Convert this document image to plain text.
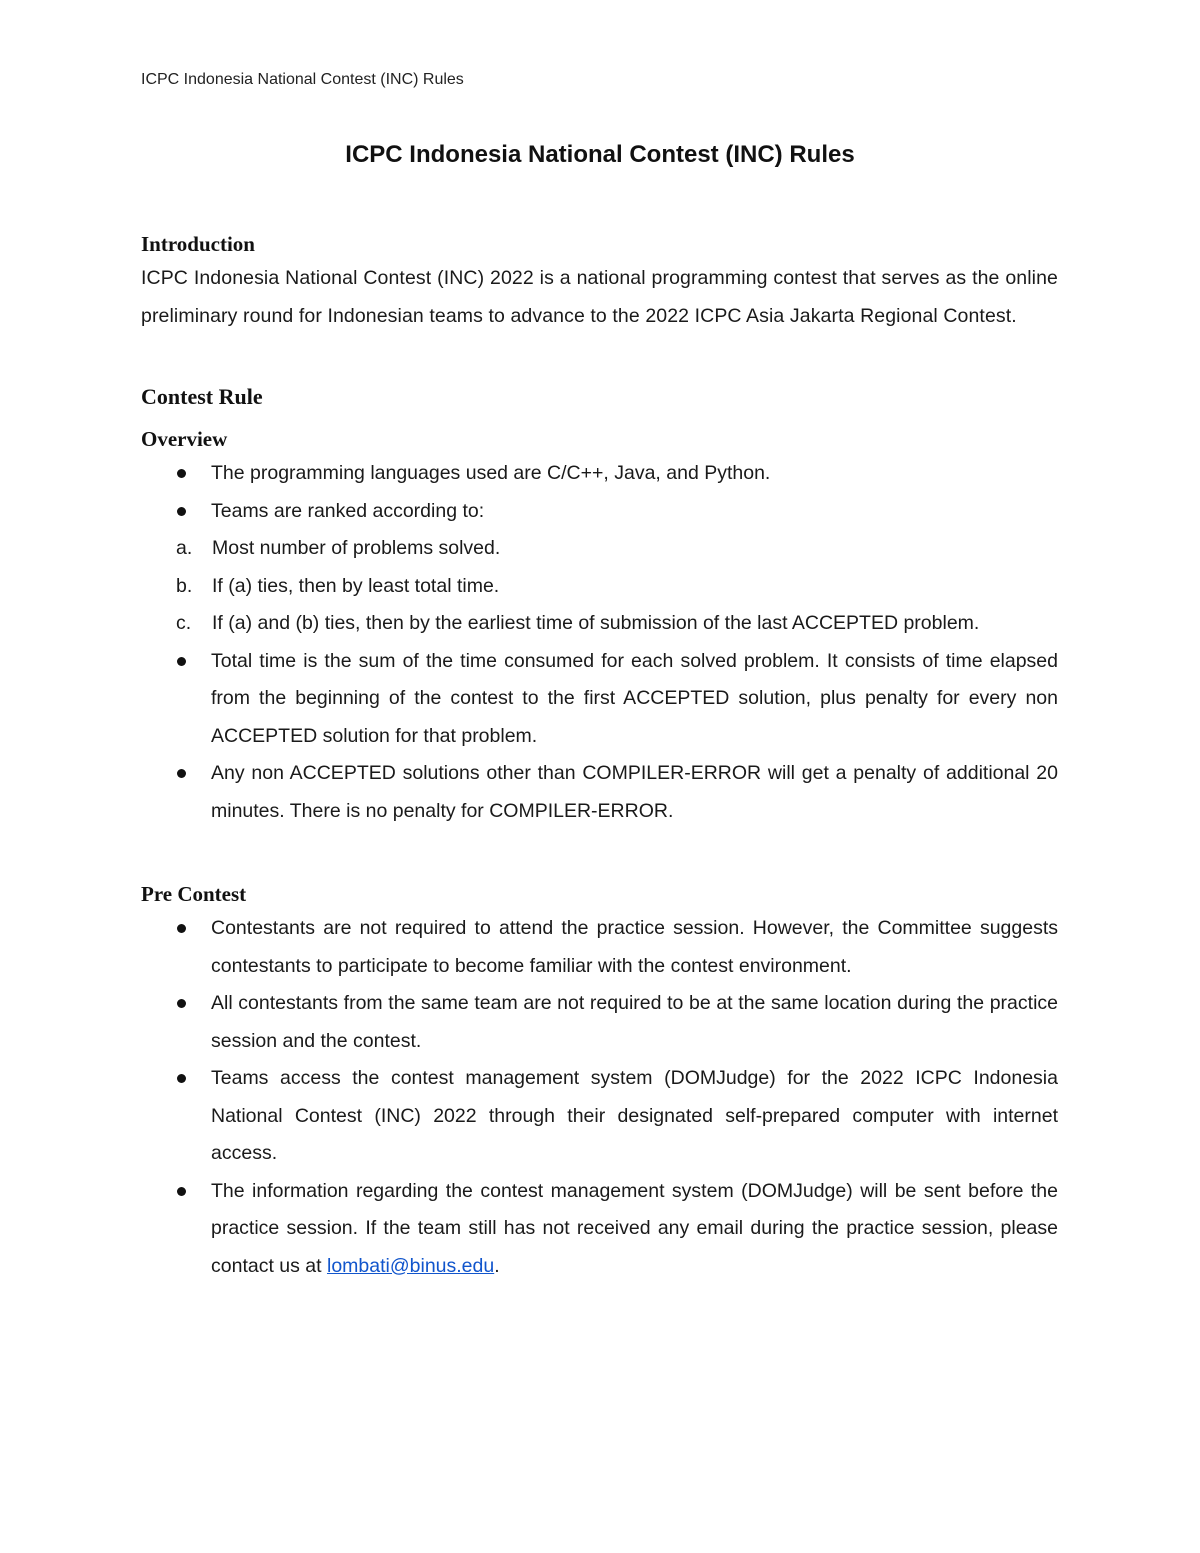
ICPC Indonesia National Contest (INC) Rules
ICPC Indonesia National Contest (INC) Rules
Introduction

ICPC Indonesia National Contest (INC) 2022 is a national programming contest that serves as the online preliminary round for Indonesian teams to advance to the 2022 ICPC Asia Jakarta Regional Contest.

Contest Rule
Overview
The programming languages used are C/C++, Java, and Python.
Teams are ranked according to:
a. Most number of problems solved.
b. If (a) ties, then by least total time.
c. If (a) and (b) ties, then by the earliest time of submission of the last ACCEPTED problem.
Total time is the sum of the time consumed for each solved problem. It consists of time elapsed from the beginning of the contest to the first ACCEPTED solution, plus penalty for every non ACCEPTED solution for that problem.
Any non ACCEPTED solutions other than COMPILER-ERROR will get a penalty of additional 20 minutes. There is no penalty for COMPILER-ERROR.
Pre Contest
Contestants are not required to attend the practice session. However, the Committee suggests contestants to participate to become familiar with the contest environment.
All contestants from the same team are not required to be at the same location during the practice session and the contest.
Teams access the contest management system (DOMJudge) for the 2022 ICPC Indonesia National Contest (INC) 2022 through their designated self-prepared computer with internet access.
The information regarding the contest management system (DOMJudge) will be sent before the practice session. If the team still has not received any email during the practice session, please contact us at lombati@binus.edu.
